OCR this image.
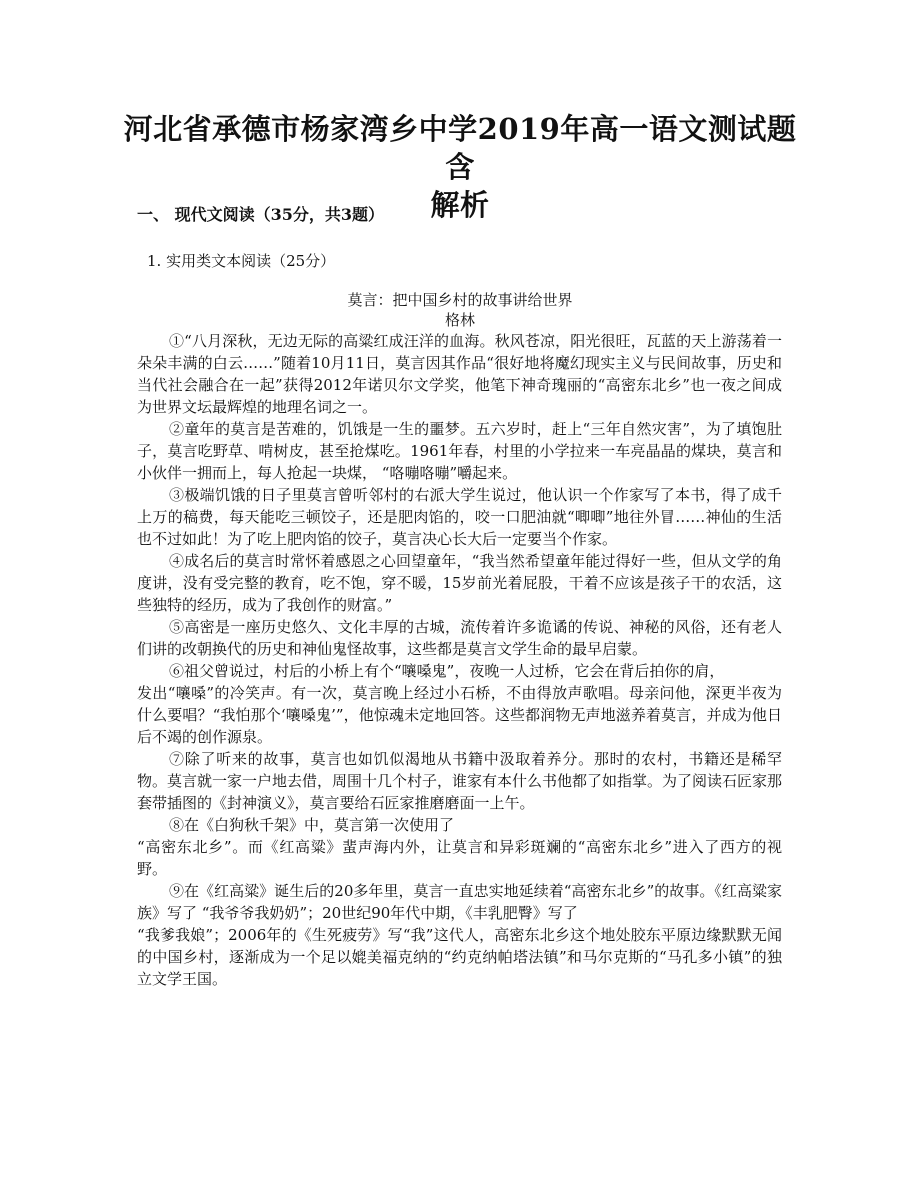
河北省承德市杨家湾乡中学2019年高一语文测试题含
解析
一、 现代文阅读（35分，共3题）
1. 实用类文本阅读（25分）
莫言：把中国乡村的故事讲给世界
格林

①“八月深秋，无边无际的高粱红成汪洋的血海。秋风苍凉，阳光很旺，瓦蓝的天上游荡着一朵朵丰满的白云……”随着10月11日，莫言因其作品“很好地将魔幻现实主义与民间故事，历史和当代社会融合在一起”获得2012年诺贝尔文学奖，他笔下神奇瑰丽的“高密东北乡”也一夜之间成为世界文坛最辉煌的地理名词之一。

②童年的莫言是苦难的，饥饿是一生的噩梦。五六岁时，赶上“三年自然灾害”，为了填饱肚子，莫言吃野草、啃树皮，甚至抢煤吃。1961年春，村里的小学拉来一车亮晶晶的煤块，莫言和小伙伴一拥而上，每人抢起一块煤， “咯嘣咯嘣”嚼起来。

③极端饥饿的日子里莫言曾听邻村的右派大学生说过，他认识一个作家写了本书，得了成千上万的稿费，每天能吃三顿饺子，还是肥肉馅的，咬一口肥油就“唧唧”地往外冒……神仙的生活也不过如此！为了吃上肥肉馅的饺子，莫言决心长大后一定要当个作家。

④成名后的莫言时常怀着感恩之心回望童年，“我当然希望童年能过得好一些，但从文学的角度讲，没有受完整的教育，吃不饱，穿不暖，15岁前光着屁股，干着不应该是孩子干的农活，这些独特的经历，成为了我创作的财富。”

⑤高密是一座历史悠久、文化丰厚的古城，流传着许多诡谲的传说、神秘的风俗，还有老人们讲的改朝换代的历史和神仙鬼怪故事，这些都是莫言文学生命的最早启蒙。

⑥祖父曾说过，村后的小桥上有个“嚷嗓鬼”，夜晚一人过桥，它会在背后拍你的肩，

发出“嚷嗓”的冷笑声。有一次，莫言晚上经过小石桥，不由得放声歌唱。母亲问他，深更半夜为什么要唱？“我怕那个‘嚷嗓鬼’”，他惊魂未定地回答。这些都润物无声地滋养着莫言，并成为他日后不竭的创作源泉。

⑦除了听来的故事，莫言也如饥似渴地从书籍中汲取着养分。那时的农村，书籍还是稀罕物。莫言就一家一户地去借，周围十几个村子，谁家有本什么书他都了如指掌。为了阅读石匠家那套带插图的《封神演义》，莫言要给石匠家推磨磨面一上午。

⑧在《白狗秋千架》中，莫言第一次使用了

“高密东北乡”。而《红高粱》蜚声海内外，让莫言和异彩斑斓的“高密东北乡”进入了西方的视野。

⑨在《红高粱》诞生后的20多年里，莫言一直忠实地延续着“高密东北乡”的故事。《红高粱家族》写了 “我爷爷我奶奶”；20世纪90年代中期，《丰乳肥臀》写了

“我爹我娘”；2006年的《生死疲劳》写“我”这代人，高密东北乡这个地处胶东平原边缘默默无闻的中国乡村，逐渐成为一个足以媲美福克纳的“约克纳帕塔法镇”和马尔克斯的“马孔多小镇”的独立文学王国。
